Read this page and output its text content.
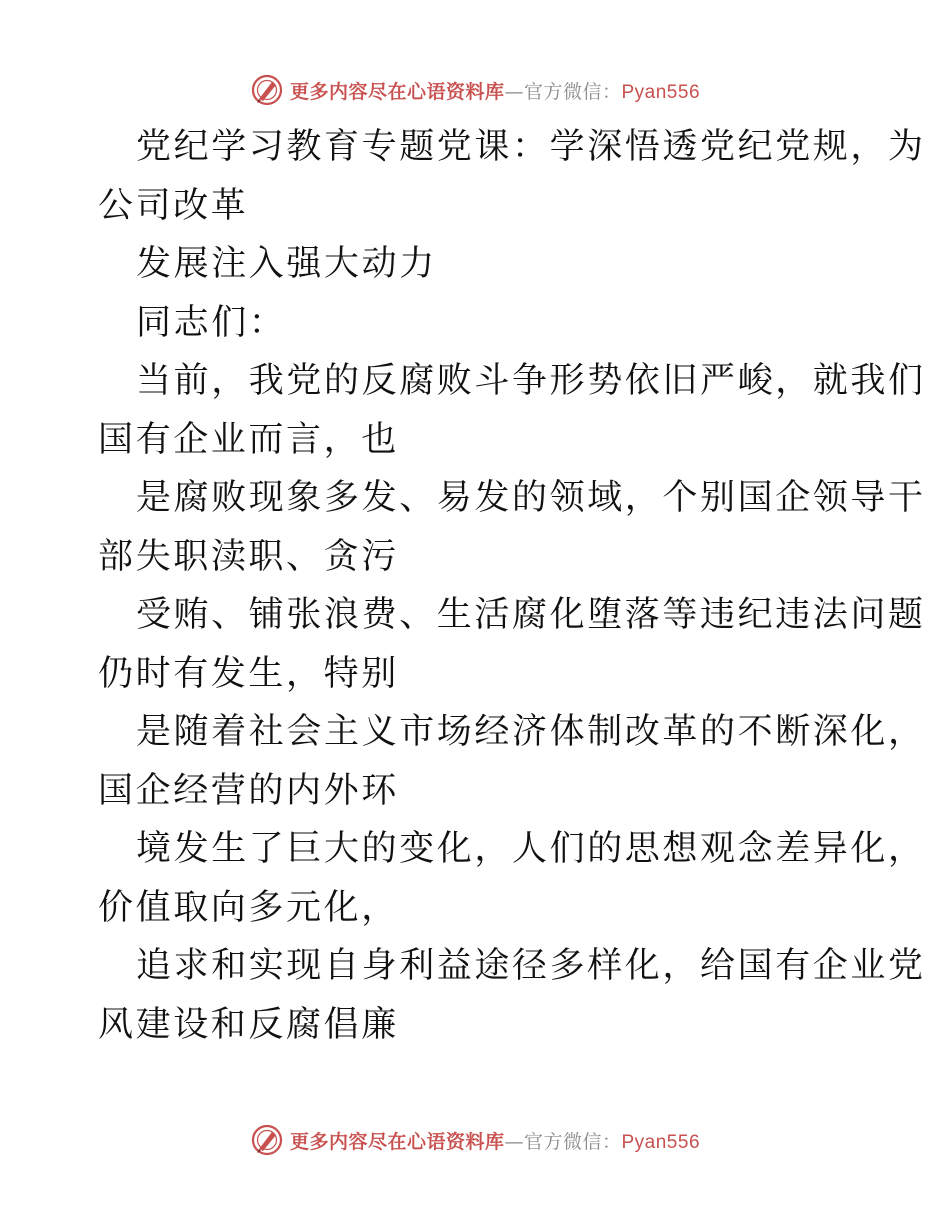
更多内容尽在心语资料库—官方微信：Pyan556
党纪学习教育专题党课：学深悟透党纪党规，为
公司改革
发展注入强大动力
同志们：
当前，我党的反腐败斗争形势依旧严峻，就我们
国有企业而言，也
是腐败现象多发、易发的领域，个别国企领导干
部失职渎职、贪污
受贿、铺张浪费、生活腐化堕落等违纪违法问题
仍时有发生，特别
是随着社会主义市场经济体制改革的不断深化，
国企经营的内外环
境发生了巨大的变化，人们的思想观念差异化，
价值取向多元化，
追求和实现自身利益途径多样化，给国有企业党
风建设和反腐倡廉
更多内容尽在心语资料库—官方微信：Pyan556
